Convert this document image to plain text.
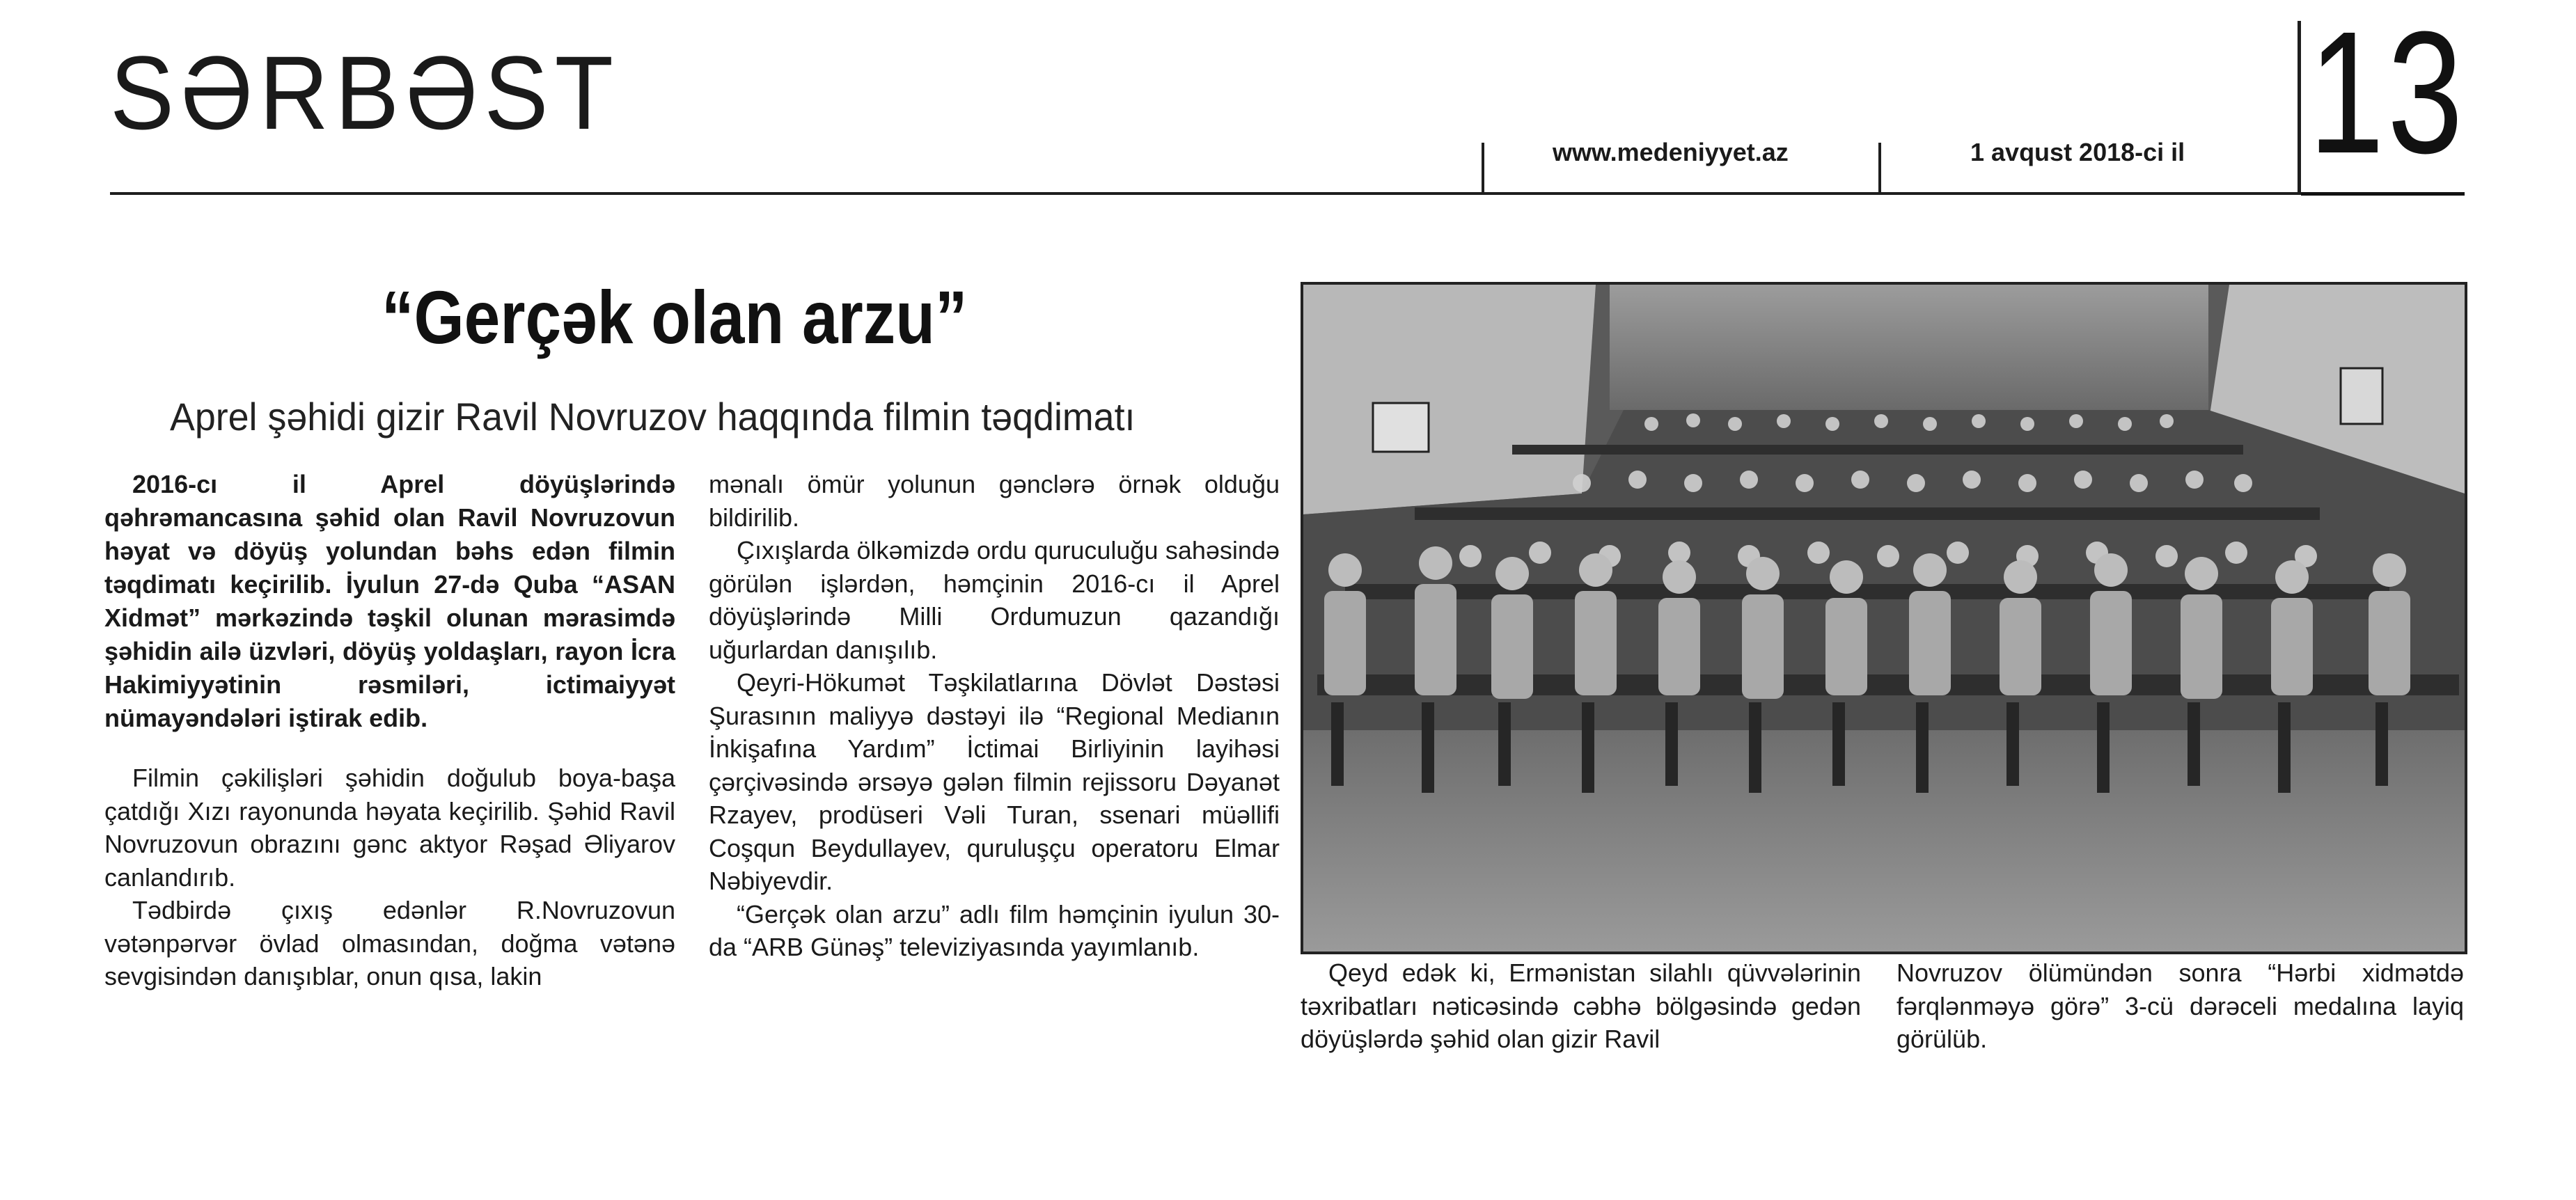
SƏRBƏST
www.medeniyyet.az	1 avqust 2018-ci il 13
“Gerçək olan arzu”
Aprel şəhidi gizir Ravil Novruzov haqqında filmin təqdimatı

2016-cı il Aprel döyüşlərində qəhrəmancasına şəhid olan Ravil Novruzovun həyat və döyüş yolundan bəhs edən filmin təqdimatı keçirilib. İyulun 27-də Quba “ASAN Xidmət” mərkəzində təşkil olunan mərasimdə şəhidin ailə üzvləri, döyüş yoldaşları, rayon İcra Hakimiyyətinin rəsmiləri, ictimaiyyət nümayəndələri iştirak edib.

Filmin çəkilişləri şəhidin doğulub boya-başa çatdığı Xızı rayonunda həyata keçirilib. Şəhid Ravil Novruzovun obrazını gənc aktyor Rəşad Əliyarov canlandırıb.

Tədbirdə çıxış edənlər R.Novruzovun vətənpərvər övlad olmasından, doğma vətənə sevgisindən danışıblar, onun qısa, lakin

mənalı ömür yolunun gənclərə örnək olduğu bildirilib.

Çıxışlarda ölkəmizdə ordu quruculuğu sahəsində görülən işlərdən, həmçinin 2016-cı il Aprel döyüşlərində Milli Ordumuzun qazandığı uğurlardan danışılıb.

Qeyri-Hökumət Təşkilatlarına Dövlət Dəstəsi Şurasının maliyyə dəstəyi ilə “Regional Medianın İnkişafına Yardım” İctimai Birliyinin layihəsi çərçivəsində ərsəyə gələn filmin rejissoru Dəyanət Rzayev, prodüseri Vəli Turan, ssenari müəllifi Coşqun Beydullayev, quruluşçu operatoru Elmar Nəbiyevdir.

“Gerçək olan arzu” adlı film həmçinin iyulun 30-da “ARB Günəş” televiziyasında yayımlanıb.

Qeyd edək ki, Ermənistan silahlı qüvvələrinin təxribatları nəticəsində cəbhə bölgəsində gedən döyüşlərdə şəhid olan gizir Ravil

Novruzov ölümündən sonra “Hərbi xidmətdə fərqlənməyə görə” 3-cü dərəceli medalına layiq görülüb.
